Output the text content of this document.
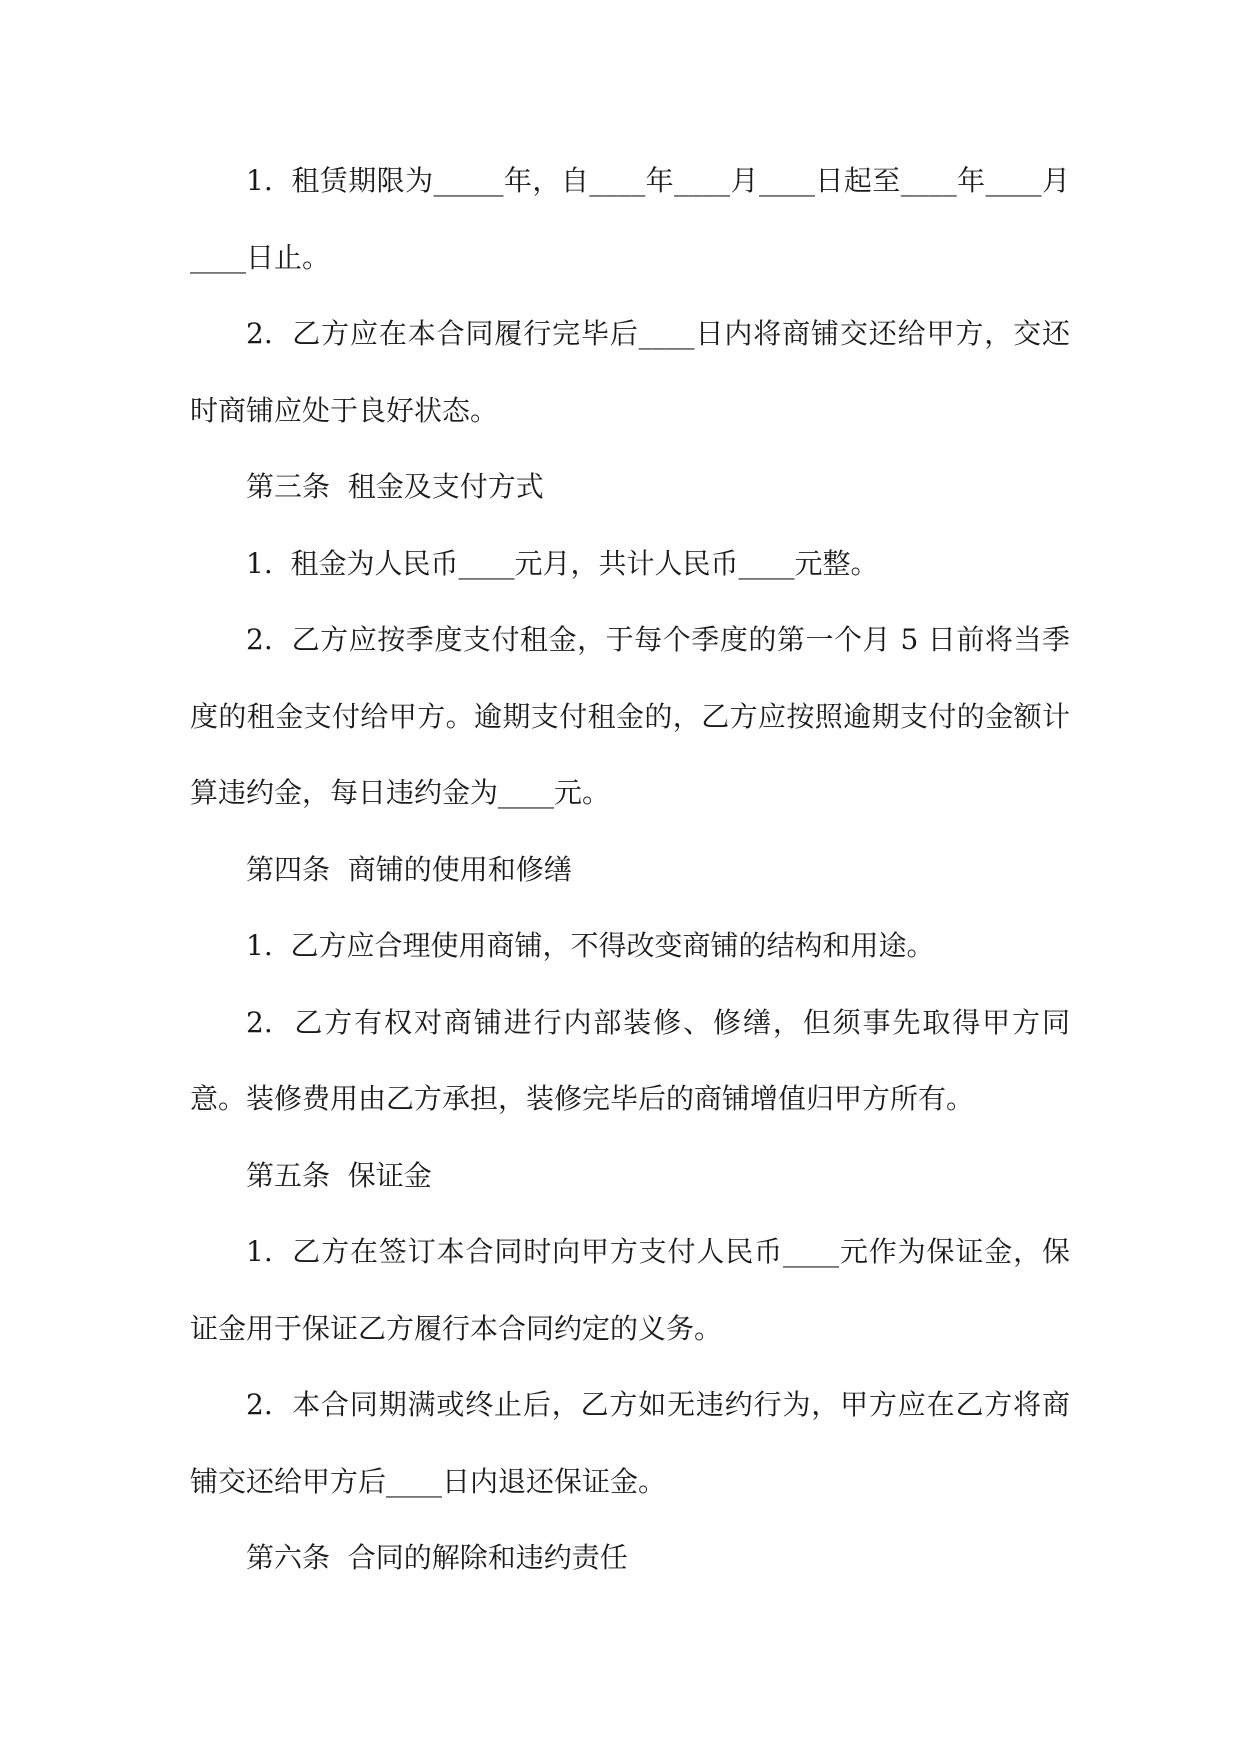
1.  租赁期限为_____年，自____年____月____日起至____年____月____日止。

2.  乙方应在本合同履行完毕后____日内将商铺交还给甲方，交还时商铺应处于良好状态。

第三条  租金及支付方式

1.  租金为人民币____元月，共计人民币____元整。

2.  乙方应按季度支付租金，于每个季度的第一个月 5 日前将当季度的租金支付给甲方。逾期支付租金的，乙方应按照逾期支付的金额计算违约金，每日违约金为____元。

第四条  商铺的使用和修缮

1.  乙方应合理使用商铺，不得改变商铺的结构和用途。

2.  乙方有权对商铺进行内部装修、修缮，但须事先取得甲方同意。装修费用由乙方承担，装修完毕后的商铺增值归甲方所有。

第五条  保证金

1.  乙方在签订本合同时向甲方支付人民币____元作为保证金，保证金用于保证乙方履行本合同约定的义务。

2.  本合同期满或终止后，乙方如无违约行为，甲方应在乙方将商铺交还给甲方后____日内退还保证金。

第六条  合同的解除和违约责任
